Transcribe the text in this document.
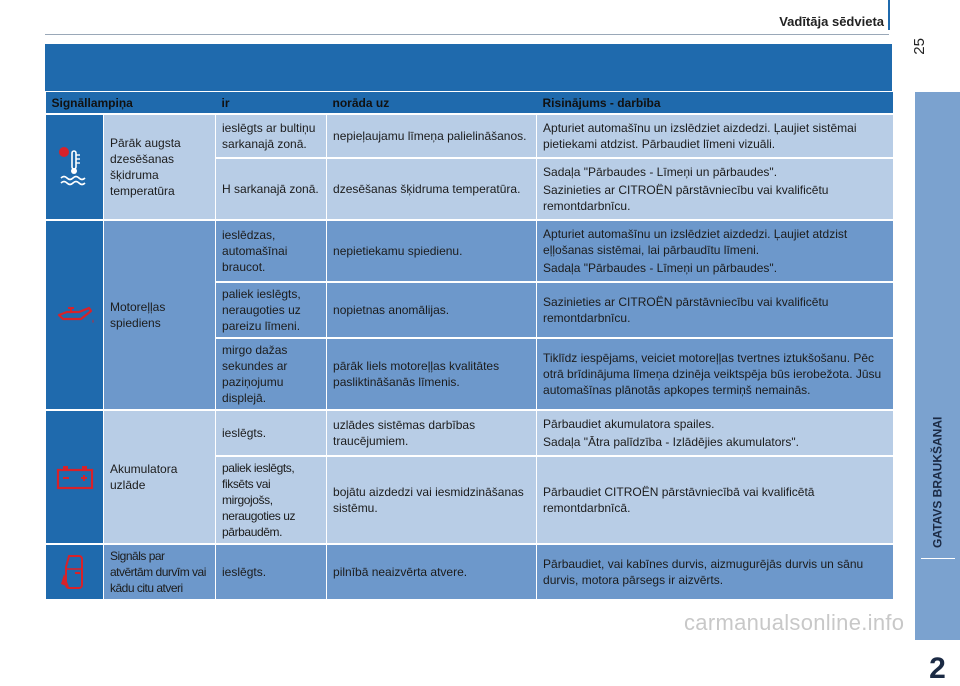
Vadītāja sēdvieta
25
GATAVS BRAUKŠANAI
2
Signāllampiņa		ir	norāda uz	Risinājums - darbība

	Pārāk augsta dzesēšanas šķidruma temperatūra	ieslēgts ar bultiņu sarkanajā zonā.	nepieļaujamu līmeņa palielināšanos.	Apturiet automašīnu un izslēdziet aizdedzi. Ļaujiet sistēmai pietiekami atdzist. Pārbaudiet līmeni vizuāli.

		H sarkanajā zonā.	dzesēšanas šķidruma temperatūra.	Sadaļa "Pārbaudes - Līmeņi un pārbaudes".
Sazinieties ar CITROËN pārstāvniecību vai kvalificētu remontdarbnīcu.

	Motoreļļas spiediens	ieslēdzas, automašīnai braucot.	nepietiekamu spiedienu.	Apturiet automašīnu un izslēdziet aizdedzi. Ļaujiet atdzist eļļošanas sistēmai, lai pārbaudītu līmeni.
Sadaļa "Pārbaudes - Līmeņi un pārbaudes".

		paliek ieslēgts, neraugoties uz pareizu līmeni.	nopietnas anomālijas.	Sazinieties ar CITROËN pārstāvniecību vai kvalificētu remontdarbnīcu.

		mirgo dažas sekundes ar paziņojumu displejā.	pārāk liels motoreļļas kvalitātes pasliktināšanās līmenis.	Tiklīdz iespējams, veiciet motoreļļas tvertnes iztukšošanu. Pēc otrā brīdinājuma līmeņa dzinēja veiktspēja būs ierobežota. Jūsu automašīnas plānotās apkopes termiņš nemainās.

	Akumulatora uzlāde	ieslēgts.	uzlādes sistēmas darbības traucējumiem.	Pārbaudiet akumulatora spailes.
Sadaļa "Ātra palīdzība - Izlādējies akumulators".

		paliek ieslēgts, fiksēts vai mirgojošs, neraugoties uz pārbaudēm.	bojātu aizdedzi vai iesmidzināšanas sistēmu.	Pārbaudiet CITROËN pārstāvniecībā vai kvalificētā remontdarbnīcā.

	Signāls par atvērtām durvīm vai kādu citu atveri	ieslēgts.	pilnībā neaizvērta atvere.	Pārbaudiet, vai kabīnes durvis, aizmugurējās durvis un sānu durvis, motora pārsegs ir aizvērts.
carmanualsonline.info
